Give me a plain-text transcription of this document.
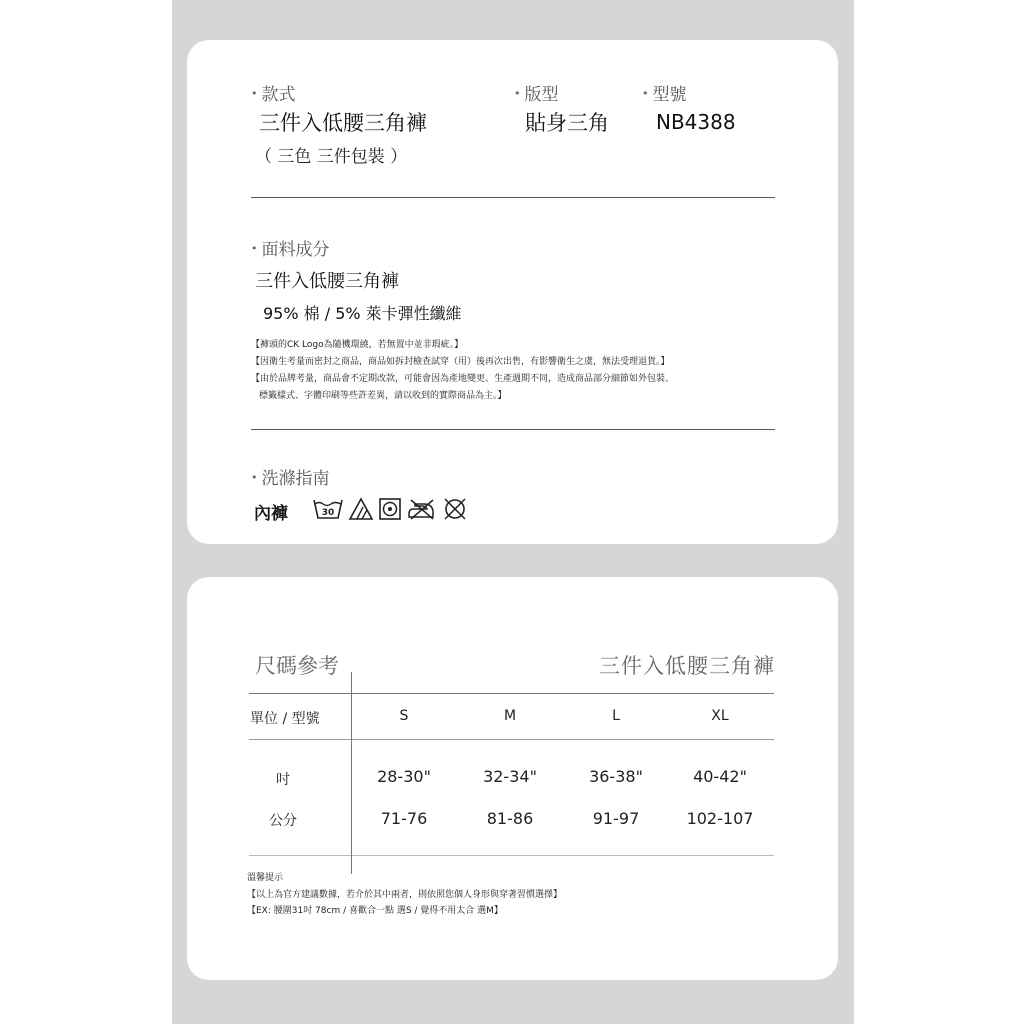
• 款式
三件入低腰三角褲
（ 三色 三件包裝 ）
• 版型
貼身三角
• 型號
NB4388
• 面料成分
三件入低腰三角褲
95% 棉 / 5% 萊卡彈性纖維
【褲頭的CK Logo為隨機環繞，若無置中並非瑕疵。】
【因衛生考量而密封之商品，商品如拆封檢查試穿（用）後再次出售，有影響衛生之虞，無法受理退貨。】
【由於品牌考量，商品會不定期改款，可能會因為產地變更、生產週期不同，造成商品部分細節如外包裝、
標籤樣式、字體印刷等些許差異，請以收到的實際商品為主。】
• 洗滌指南
內褲	30
尺碼參考	三件入低腰三角褲
單位 / 型號	S	M	L	XL
吋	28-30"	32-34"	36-38"	40-42"
公分	71-76	81-86	91-97	102-107
溫馨提示
【以上為官方建議數據，若介於其中兩者，則依照您個人身形與穿著習慣選擇】
【EX: 腰圍31吋 78cm / 喜歡合一點 選S / 覺得不用太合 選M】
